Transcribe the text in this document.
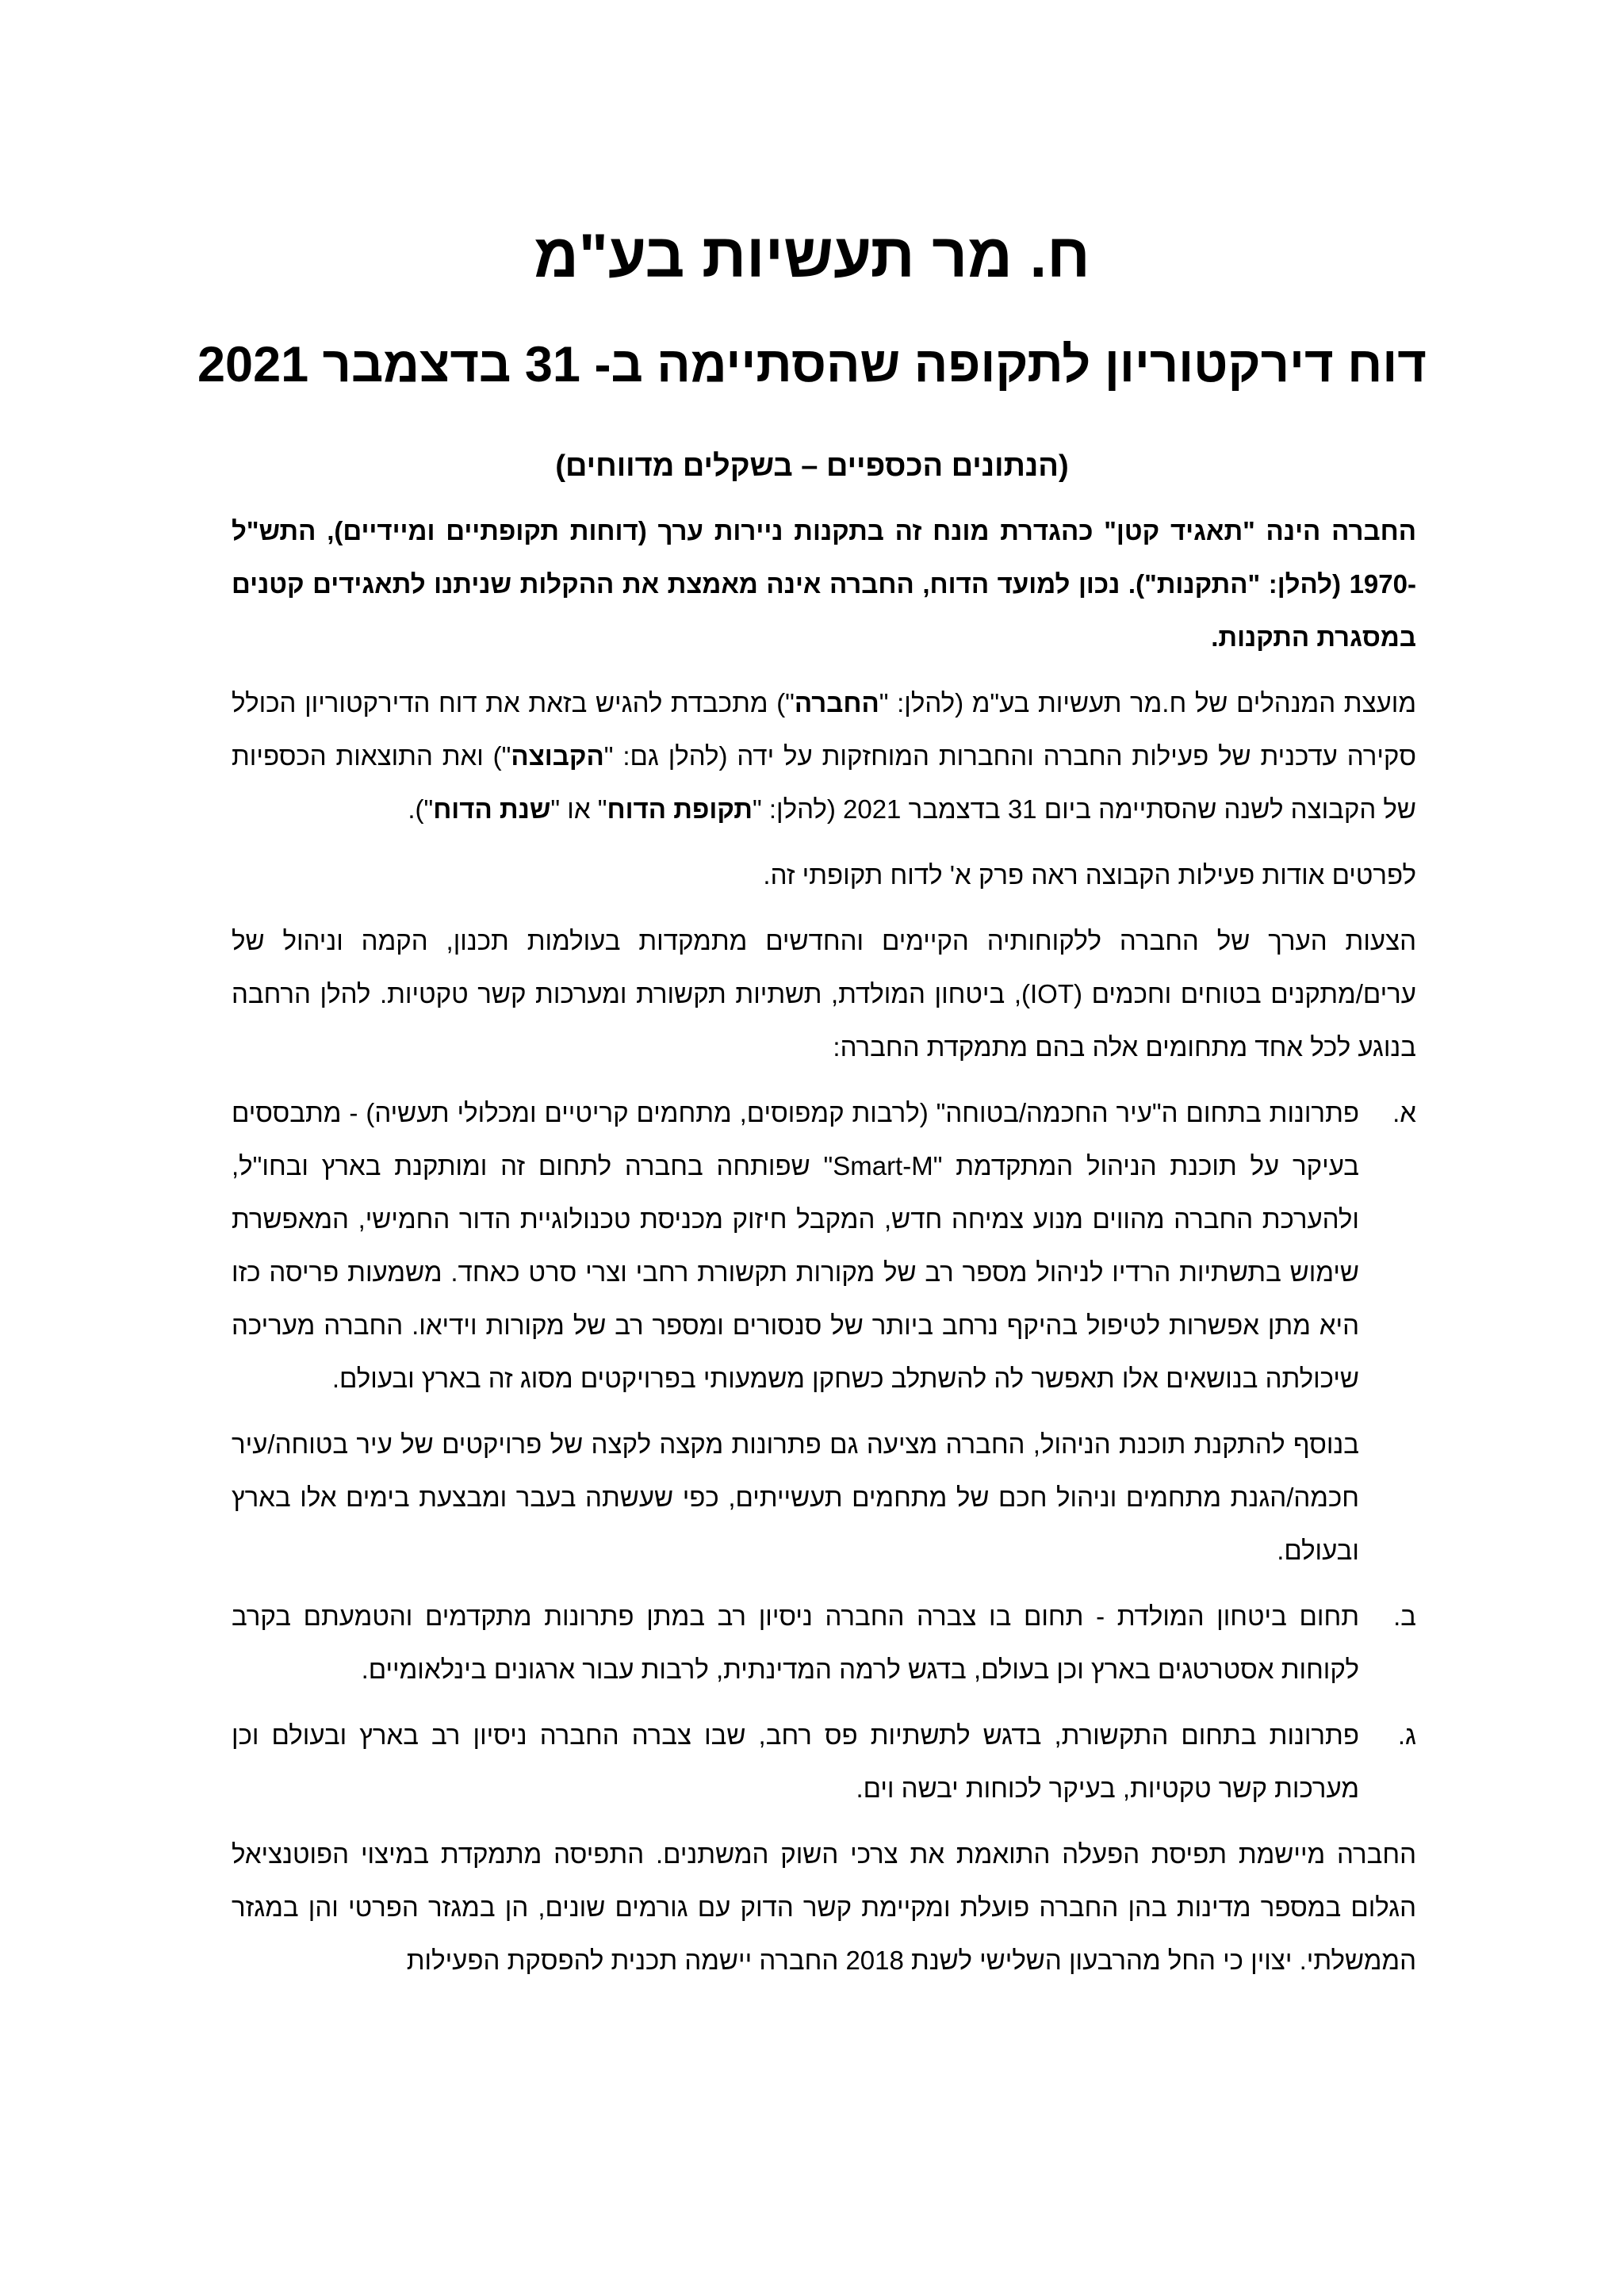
ח. מר תעשיות בע"מ
דוח דירקטוריון לתקופה שהסתיימה ב- 31 בדצמבר 2021
(הנתונים הכספיים – בשקלים מדווחים)

החברה הינה "תאגיד קטן" כהגדרת מונח זה בתקנות ניירות ערך (דוחות תקופתיים ומיידיים), התש"ל -1970 (להלן: "התקנות"). נכון למועד הדוח, החברה אינה מאמצת את ההקלות שניתנו לתאגידים קטנים במסגרת התקנות.

מועצת המנהלים של ח.מר תעשיות בע"מ (להלן: "החברה") מתכבדת להגיש בזאת את דוח הדירקטוריון הכולל סקירה עדכנית של פעילות החברה והחברות המוחזקות על ידה (להלן גם: "הקבוצה") ואת התוצאות הכספיות של הקבוצה לשנה שהסתיימה ביום 31 בדצמבר 2021 (להלן: "תקופת הדוח" או "שנת הדוח").

לפרטים אודות פעילות הקבוצה ראה פרק א' לדוח תקופתי זה.

הצעות הערך של החברה ללקוחותיה הקיימים והחדשים מתמקדות בעולמות תכנון, הקמה וניהול של ערים/מתקנים בטוחים וחכמים (IOT), ביטחון המולדת, תשתיות תקשורת ומערכות קשר טקטיות. להלן הרחבה בנוגע לכל אחד מתחומים אלה בהם מתמקדת החברה:

א.

פתרונות בתחום ה"עיר החכמה/בטוחה" (לרבות קמפוסים, מתחמים קריטיים ומכלולי תעשיה) - מתבססים בעיקר על תוכנת הניהול המתקדמת "Smart-M" שפותחה בחברה לתחום זה ומותקנת בארץ ובחו"ל, ולהערכת החברה מהווים מנוע צמיחה חדש, המקבל חיזוק מכניסת טכנולוגיית הדור החמישי, המאפשרת שימוש בתשתיות הרדיו לניהול מספר רב של מקורות תקשורת רחבי וצרי סרט כאחד. משמעות פריסה כזו היא מתן אפשרות לטיפול בהיקף נרחב ביותר של סנסורים ומספר רב של מקורות וידיאו. החברה מעריכה שיכולתה בנושאים אלו תאפשר לה להשתלב כשחקן משמעותי בפרויקטים מסוג זה בארץ ובעולם.

בנוסף להתקנת תוכנת הניהול, החברה מציעה גם פתרונות מקצה לקצה של פרויקטים של עיר בטוחה/עיר חכמה/הגנת מתחמים וניהול חכם של מתחמים תעשייתים, כפי שעשתה בעבר ומבצעת בימים אלו בארץ ובעולם.

ב.
תחום ביטחון המולדת - תחום בו צברה החברה ניסיון רב במתן פתרונות מתקדמים והטמעתם בקרב לקוחות אסטרטגים בארץ וכן בעולם, בדגש לרמה המדינתית, לרבות עבור ארגונים בינלאומיים.
ג.
פתרונות בתחום התקשורת, בדגש לתשתיות פס רחב, שבו צברה החברה ניסיון רב בארץ ובעולם וכן מערכות קשר טקטיות, בעיקר לכוחות יבשה וים.

החברה מיישמת תפיסת הפעלה התואמת את צרכי השוק המשתנים. התפיסה מתמקדת במיצוי הפוטנציאל הגלום במספר מדינות בהן החברה פועלת ומקיימת קשר הדוק עם גורמים שונים, הן במגזר הפרטי והן במגזר הממשלתי. יצוין כי החל מהרבעון השלישי לשנת 2018 החברה יישמה תכנית להפסקת הפעילות
